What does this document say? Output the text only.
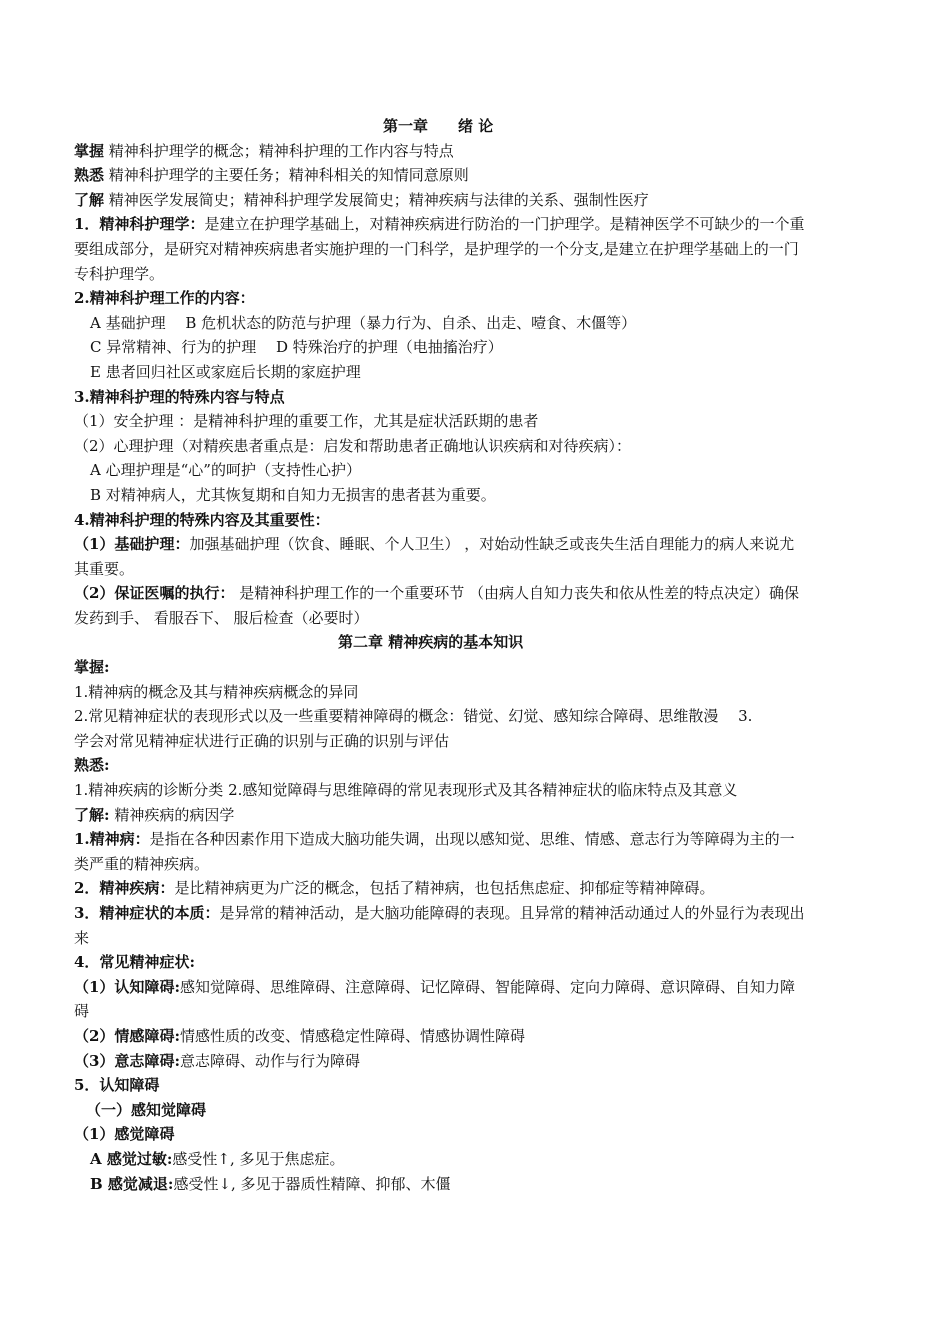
第一章　　绪 论
掌握 精神科护理学的概念；精神科护理的工作内容与特点
熟悉 精神科护理学的主要任务；精神科相关的知情同意原则
了解 精神医学发展简史；精神科护理学发展简史；精神疾病与法律的关系、强制性医疗
1．精神科护理学：是建立在护理学基础上，对精神疾病进行防治的一门护理学。是精神医学不可缺少的一个重要组成部分，是研究对精神疾病患者实施护理的一门科学，是护理学的一个分支,是建立在护理学基础上的一门专科护理学。
2.精神科护理工作的内容：
A 基础护理　 B 危机状态的防范与护理（暴力行为、自杀、出走、噎食、木僵等）
C 异常精神、行为的护理　 D 特殊治疗的护理（电抽搐治疗）
E 患者回归社区或家庭后长期的家庭护理
3.精神科护理的特殊内容与特点
（1）安全护理 ：是精神科护理的重要工作，尤其是症状活跃期的患者
（2）心理护理（对精疾患者重点是：启发和帮助患者正确地认识疾病和对待疾病）：
A 心理护理是“心”的呵护（支持性心护）
B 对精神病人，尤其恢复期和自知力无损害的患者甚为重要。
4.精神科护理的特殊内容及其重要性：
（1）基础护理：加强基础护理（饮食、睡眠、个人卫生） ，对始动性缺乏或丧失生活自理能力的病人来说尤其重要。
（2）保证医嘱的执行： 是精神科护理工作的一个重要环节 （由病人自知力丧失和依从性差的特点决定）确保发药到手、 看服吞下、 服后检查（必要时）
第二章 精神疾病的基本知识
掌握:
1.精神病的概念及其与精神疾病概念的异同
2.常见精神症状的表现形式以及一些重要精神障碍的概念：错觉、幻觉、感知综合障碍、思维散漫　 3.
学会对常见精神症状进行正确的识别与正确的识别与评估
熟悉:
1.精神疾病的诊断分类 2.感知觉障碍与思维障碍的常见表现形式及其各精神症状的临床特点及其意义
了解: 精神疾病的病因学
1.精神病：是指在各种因素作用下造成大脑功能失调，出现以感知觉、思维、情感、意志行为等障碍为主的一类严重的精神疾病。
2．精神疾病：是比精神病更为广泛的概念，包括了精神病，也包括焦虑症、抑郁症等精神障碍。
3．精神症状的本质：是异常的精神活动，是大脑功能障碍的表现。且异常的精神活动通过人的外显行为表现出来
4．常见精神症状:
（1）认知障碍:感知觉障碍、思维障碍、注意障碍、记忆障碍、智能障碍、定向力障碍、意识障碍、自知力障碍
（2）情感障碍:情感性质的改变、情感稳定性障碍、情感协调性障碍
（3）意志障碍:意志障碍、动作与行为障碍
5．认知障碍
（一）感知觉障碍
（1）感觉障碍
A 感觉过敏:感受性↑, 多见于焦虑症。
B 感觉减退:感受性↓, 多见于器质性精障、抑郁、木僵
